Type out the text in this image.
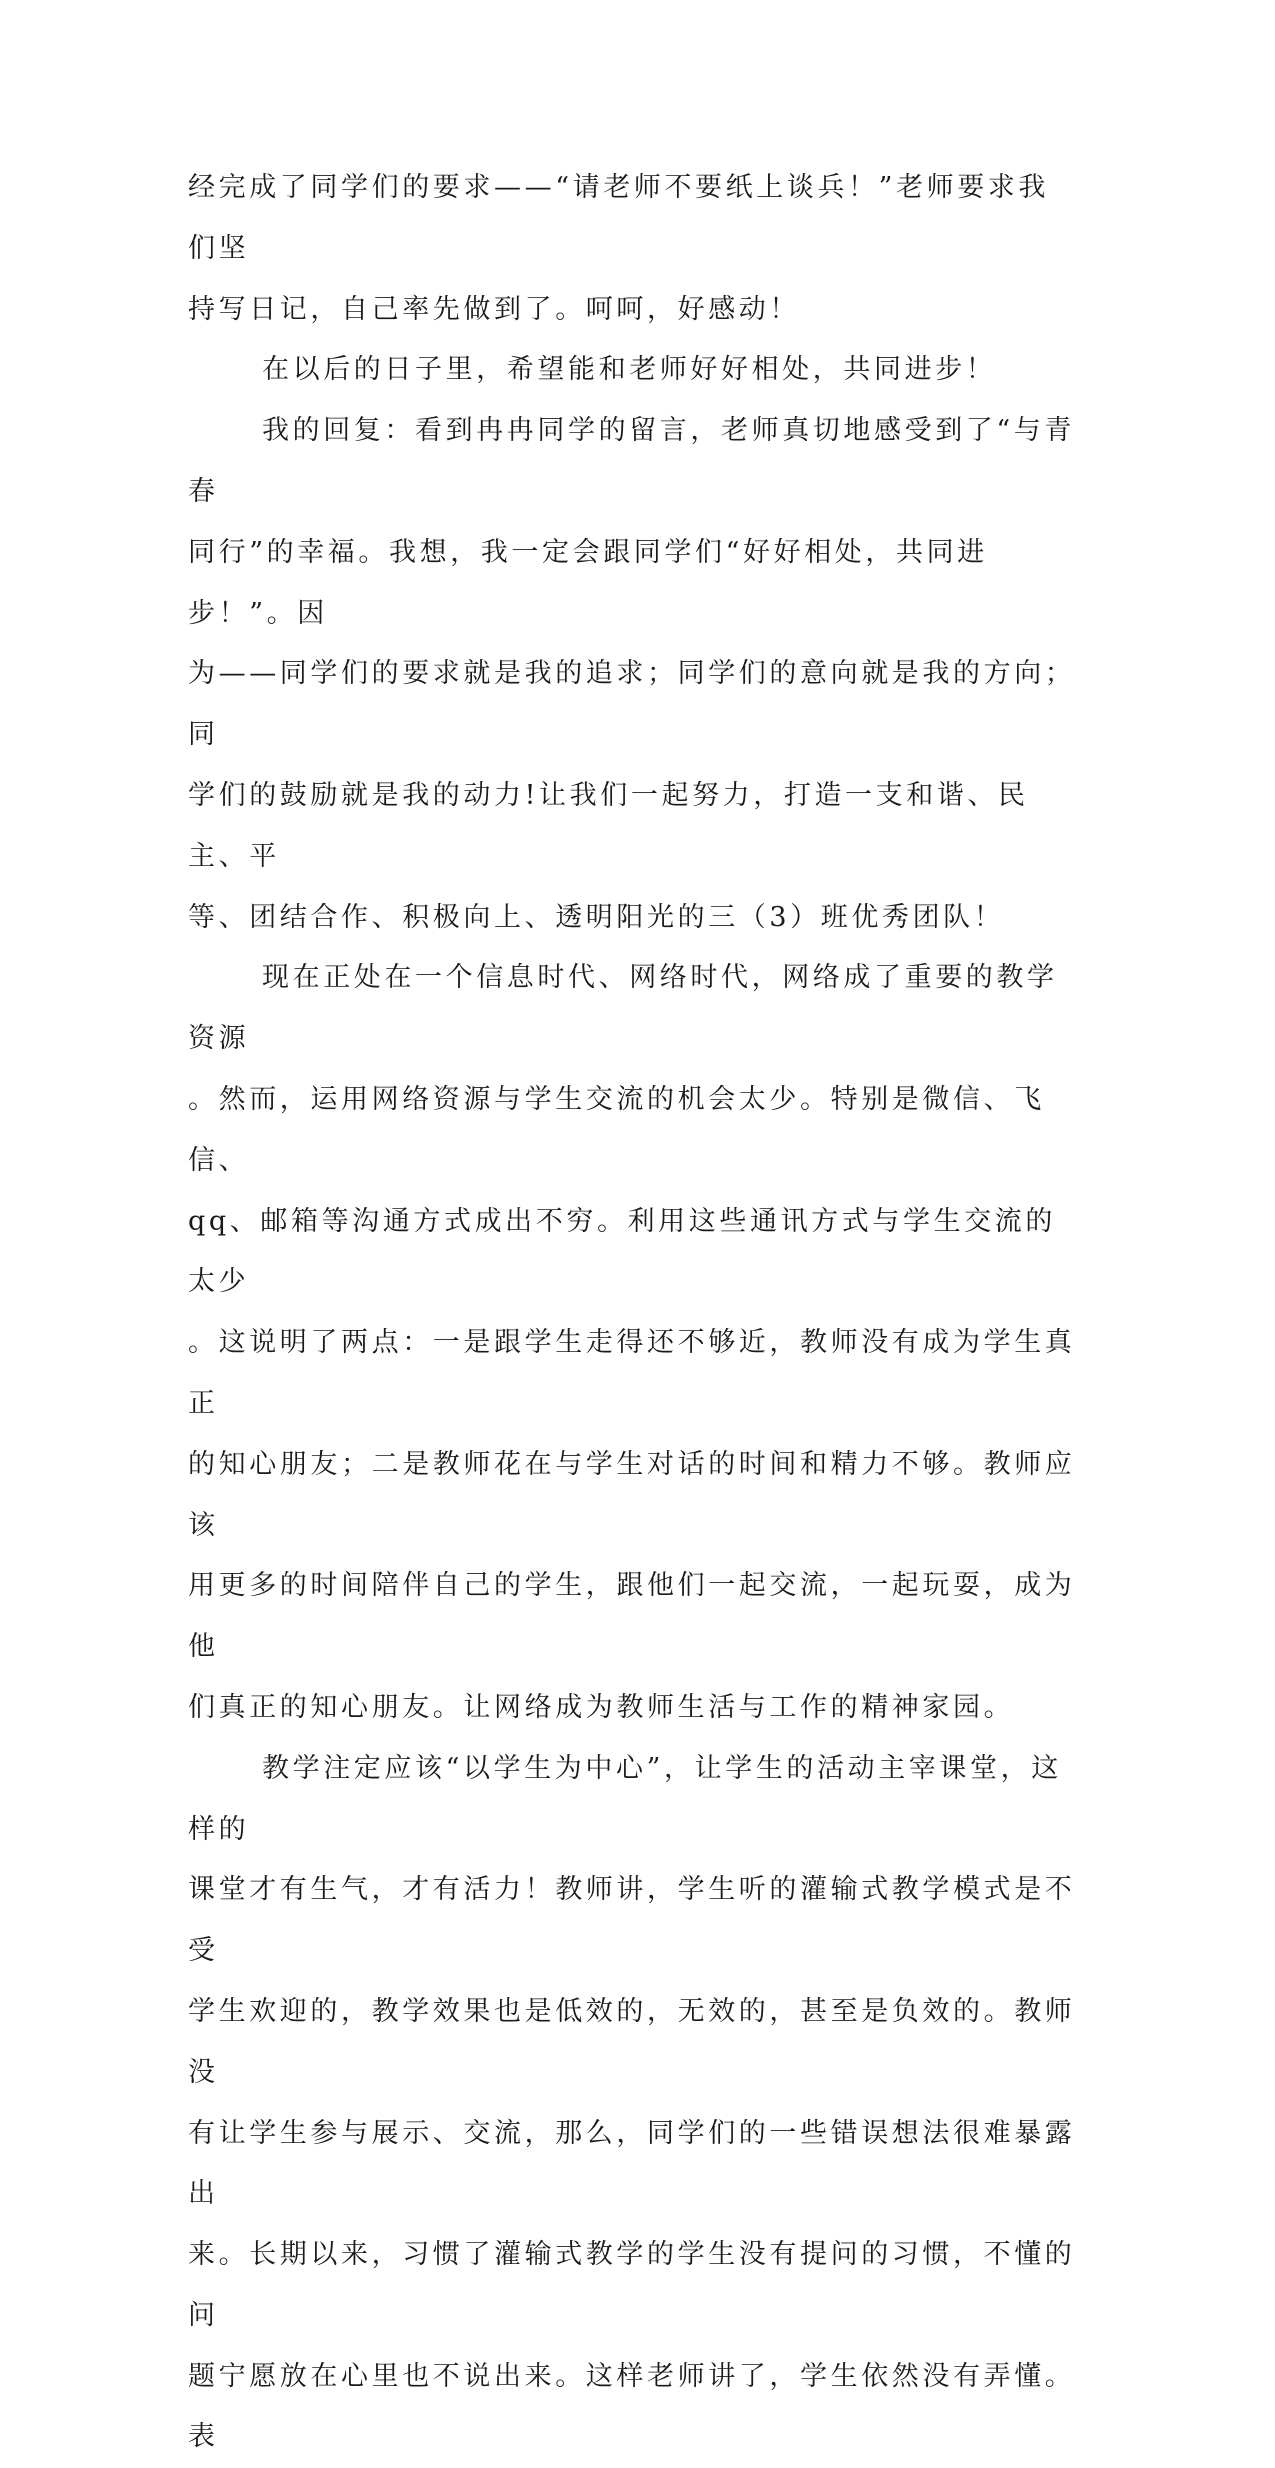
经完成了同学们的要求——“请老师不要纸上谈兵！”老师要求我们坚
持写日记，自己率先做到了。呵呵，好感动！

在以后的日子里，希望能和老师好好相处，共同进步！

我的回复：看到冉冉同学的留言，老师真切地感受到了“与青春
同行”的幸福。我想，我一定会跟同学们“好好相处，共同进步！”。因
为——同学们的要求就是我的追求；同学们的意向就是我的方向；同
学们的鼓励就是我的动力!让我们一起努力，打造一支和谐、民主、平
等、团结合作、积极向上、透明阳光的三（3）班优秀团队！

现在正处在一个信息时代、网络时代，网络成了重要的教学资源
。然而，运用网络资源与学生交流的机会太少。特别是微信、飞信、
qq、邮箱等沟通方式成出不穷。利用这些通讯方式与学生交流的太少
。这说明了两点：一是跟学生走得还不够近，教师没有成为学生真正
的知心朋友；二是教师花在与学生对话的时间和精力不够。教师应该
用更多的时间陪伴自己的学生，跟他们一起交流，一起玩耍，成为他
们真正的知心朋友。让网络成为教师生活与工作的精神家园。

教学注定应该“以学生为中心”，让学生的活动主宰课堂，这样的
课堂才有生气，才有活力！教师讲，学生听的灌输式教学模式是不受
学生欢迎的，教学效果也是低效的，无效的，甚至是负效的。教师没
有让学生参与展示、交流，那么，同学们的一些错误想法很难暴露出
来。长期以来，习惯了灌输式教学的学生没有提问的习惯，不懂的问
题宁愿放在心里也不说出来。这样老师讲了，学生依然没有弄懂。表
